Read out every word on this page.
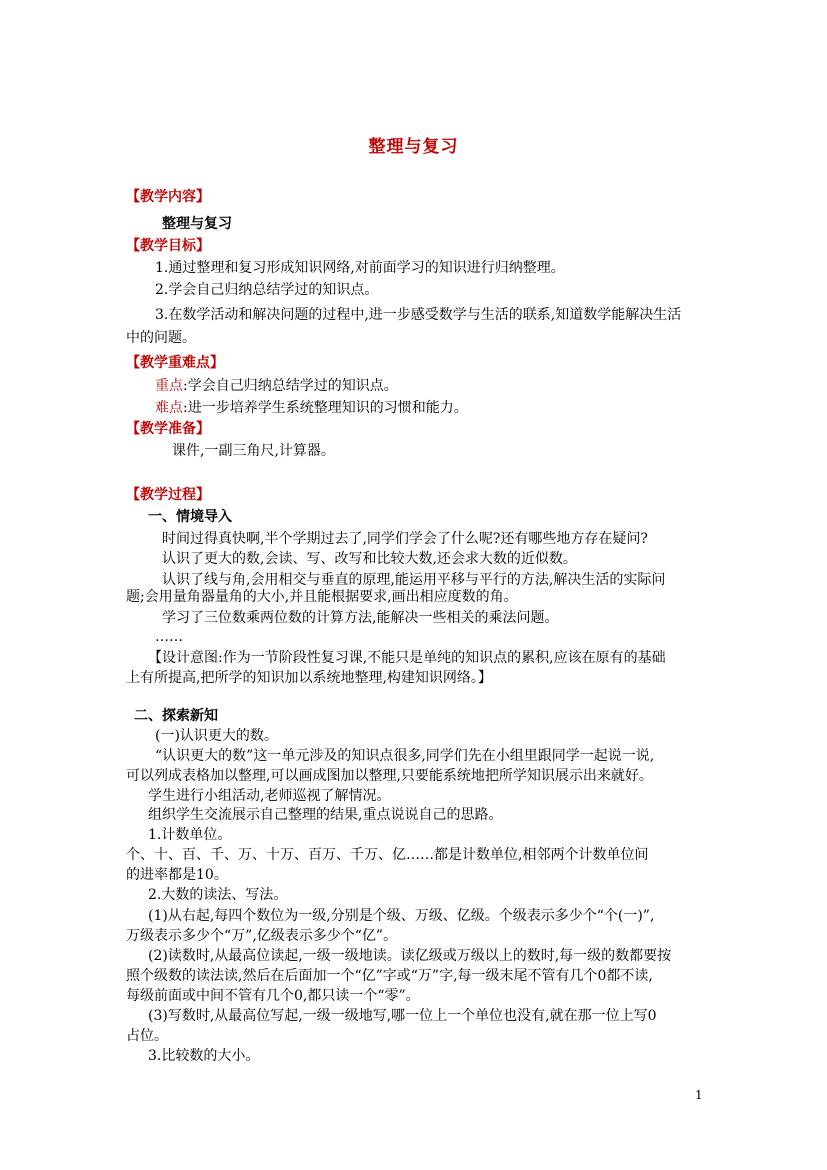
整理与复习
【教学内容】
整理与复习
【教学目标】
1.通过整理和复习形成知识网络,对前面学习的知识进行归纳整理。
2.学会自己归纳总结学过的知识点。
3.在数学活动和解决问题的过程中,进一步感受数学与生活的联系,知道数学能解决生活
中的问题。
【教学重难点】
重点:学会自己归纳总结学过的知识点。
难点:进一步培养学生系统整理知识的习惯和能力。
【教学准备】
课件,一副三角尺,计算器。
【教学过程】
一、情境导入
时间过得真快啊,半个学期过去了,同学们学会了什么呢?还有哪些地方存在疑问?
认识了更大的数,会读、写、改写和比较大数,还会求大数的近似数。
认识了线与角,会用相交与垂直的原理,能运用平移与平行的方法,解决生活的实际问
题;会用量角器量角的大小,并且能根据要求,画出相应度数的角。
学习了三位数乘两位数的计算方法,能解决一些相关的乘法问题。
……
【设计意图:作为一节阶段性复习课,不能只是单纯的知识点的累积,应该在原有的基础
上有所提高,把所学的知识加以系统地整理,构建知识网络。】
二、探索新知
(一)认识更大的数。
“认识更大的数”这一单元涉及的知识点很多,同学们先在小组里跟同学一起说一说,
可以列成表格加以整理,可以画成图加以整理,只要能系统地把所学知识展示出来就好。
学生进行小组活动,老师巡视了解情况。
组织学生交流展示自己整理的结果,重点说说自己的思路。
1.计数单位。
个、十、百、千、万、十万、百万、千万、亿……都是计数单位,相邻两个计数单位间
的进率都是10。
2.大数的读法、写法。
(1)从右起,每四个数位为一级,分别是个级、万级、亿级。个级表示多少个“个(一)”,
万级表示多少个“万”,亿级表示多少个“亿”。
(2)读数时,从最高位读起,一级一级地读。读亿级或万级以上的数时,每一级的数都要按
照个级数的读法读,然后在后面加一个“亿”字或“万”字,每一级末尾不管有几个0都不读,
每级前面或中间不管有几个0,都只读一个“零”。
(3)写数时,从最高位写起,一级一级地写,哪一位上一个单位也没有,就在那一位上写0
占位。
3.比较数的大小。
1
